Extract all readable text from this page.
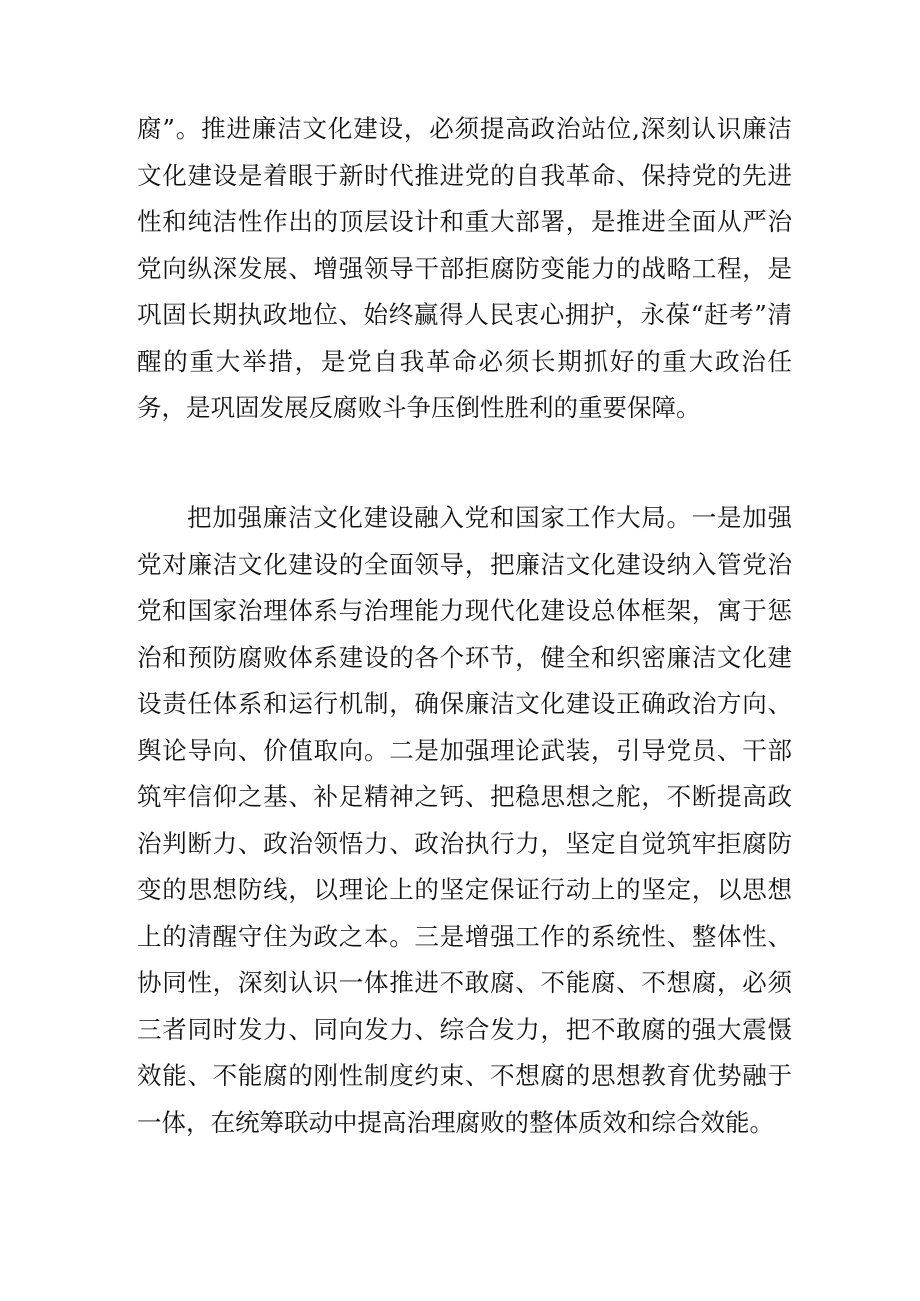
腐”。推进廉洁文化建设，必须提高政治站位,深刻认识廉洁文化建设是着眼于新时代推进党的自我革命、保持党的先进性和纯洁性作出的顶层设计和重大部署，是推进全面从严治党向纵深发展、增强领导干部拒腐防变能力的战略工程，是巩固长期执政地位、始终赢得人民衷心拥护，永葆“赶考”清醒的重大举措，是党自我革命必须长期抓好的重大政治任务，是巩固发展反腐败斗争压倒性胜利的重要保障。

把加强廉洁文化建设融入党和国家工作大局。一是加强党对廉洁文化建设的全面领导，把廉洁文化建设纳入管党治党和国家治理体系与治理能力现代化建设总体框架，寓于惩治和预防腐败体系建设的各个环节，健全和织密廉洁文化建设责任体系和运行机制，确保廉洁文化建设正确政治方向、舆论导向、价值取向。二是加强理论武装，引导党员、干部筑牢信仰之基、补足精神之钙、把稳思想之舵，不断提高政治判断力、政治领悟力、政治执行力，坚定自觉筑牢拒腐防变的思想防线，以理论上的坚定保证行动上的坚定，以思想上的清醒守住为政之本。三是增强工作的系统性、整体性、协同性，深刻认识一体推进不敢腐、不能腐、不想腐，必须三者同时发力、同向发力、综合发力，把不敢腐的强大震慑效能、不能腐的刚性制度约束、不想腐的思想教育优势融于一体，在统筹联动中提高治理腐败的整体质效和综合效能。
